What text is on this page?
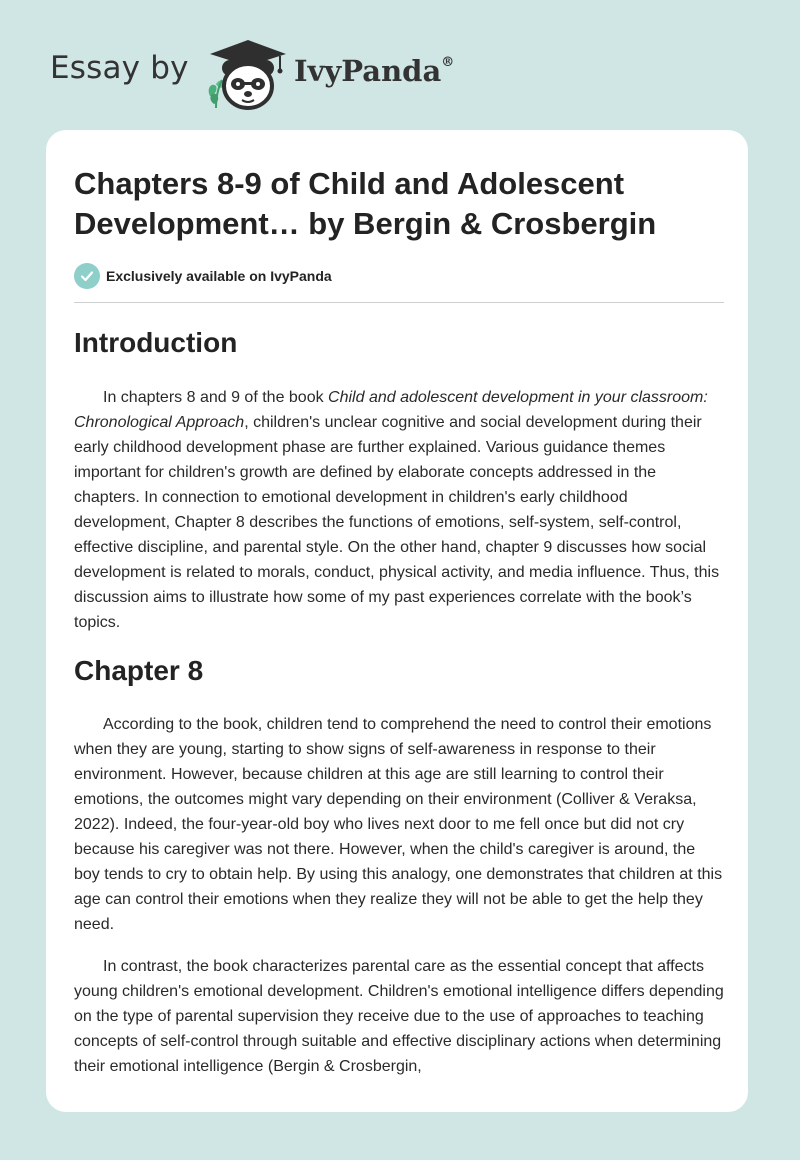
Essay by	IvyPanda®
Chapters 8-9 of Child and Adolescent Development… by Bergin & Crosbergin
Exclusively available on IvyPanda
Introduction

In chapters 8 and 9 of the book Child and adolescent development in your classroom: Chronological Approach, children's unclear cognitive and social development during their early childhood development phase are further explained. Various guidance themes important for children's growth are defined by elaborate concepts addressed in the chapters. In connection to emotional development in children's early childhood development, Chapter 8 describes the functions of emotions, self-system, self-control, effective discipline, and parental style. On the other hand, chapter 9 discusses how social development is related to morals, conduct, physical activity, and media influence. Thus, this discussion aims to illustrate how some of my past experiences correlate with the book’s topics.

Chapter 8

According to the book, children tend to comprehend the need to control their emotions when they are young, starting to show signs of self-awareness in response to their environment. However, because children at this age are still learning to control their emotions, the outcomes might vary depending on their environment (Colliver & Veraksa, 2022). Indeed, the four-year-old boy who lives next door to me fell once but did not cry because his caregiver was not there. However, when the child's caregiver is around, the boy tends to cry to obtain help. By using this analogy, one demonstrates that children at this age can control their emotions when they realize they will not be able to get the help they need.

In contrast, the book characterizes parental care as the essential concept that affects young children's emotional development. Children's emotional intelligence differs depending on the type of parental supervision they receive due to the use of approaches to teaching concepts of self-control through suitable and effective disciplinary actions when determining their emotional intelligence (Bergin & Crosbergin,
